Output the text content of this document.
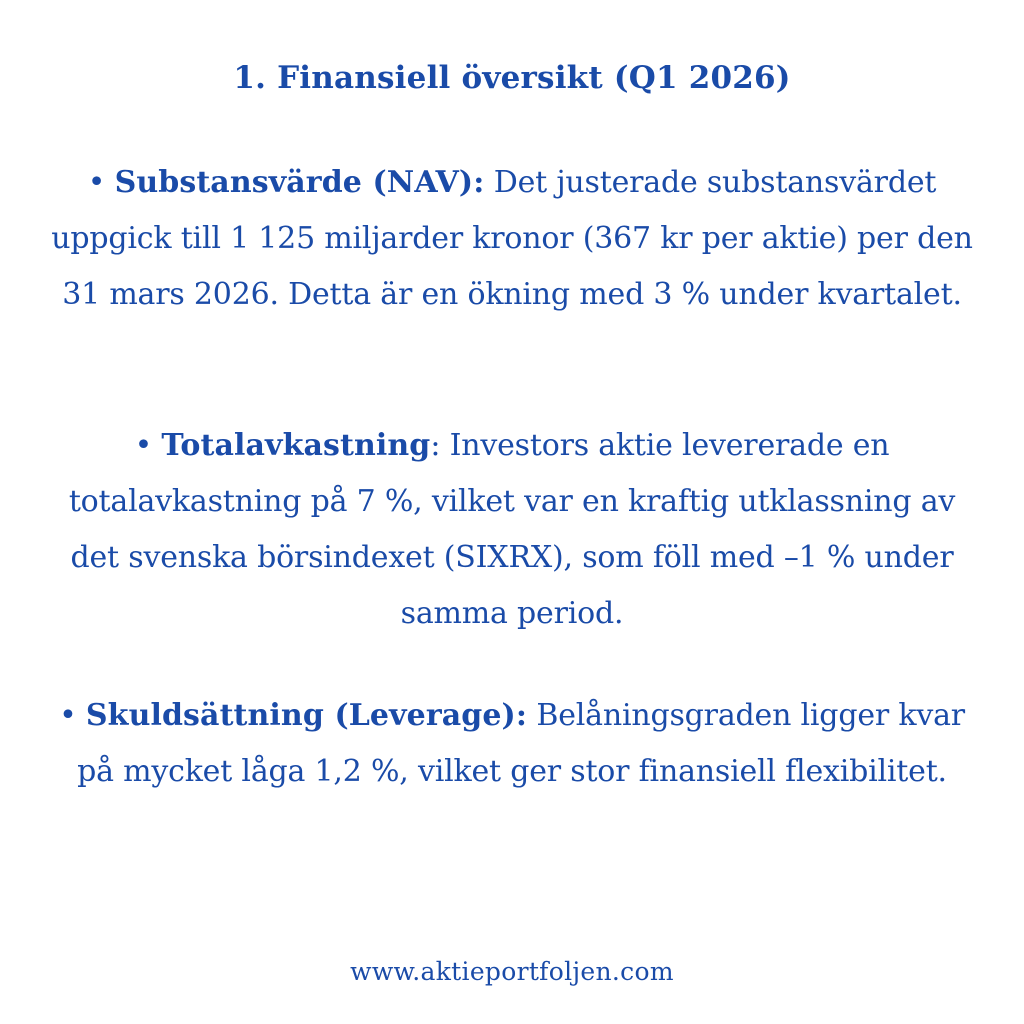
1. Finansiell översikt (Q1 2026)
• Substansvärde (NAV): Det justerade substansvärdet uppgick till 1 125 miljarder kronor (367 kr per aktie) per den 31 mars 2026. Detta är en ökning med 3 % under kvartalet.
• Totalavkastning: Investors aktie levererade en totalavkastning på 7 %, vilket var en kraftig utklassning av det svenska börsindexet (SIXRX), som föll med –1 % under samma period.
• Skuldsättning (Leverage): Belåningsgraden ligger kvar på mycket låga 1,2 %, vilket ger stor finansiell flexibilitet.
www.aktieportfoljen.com
